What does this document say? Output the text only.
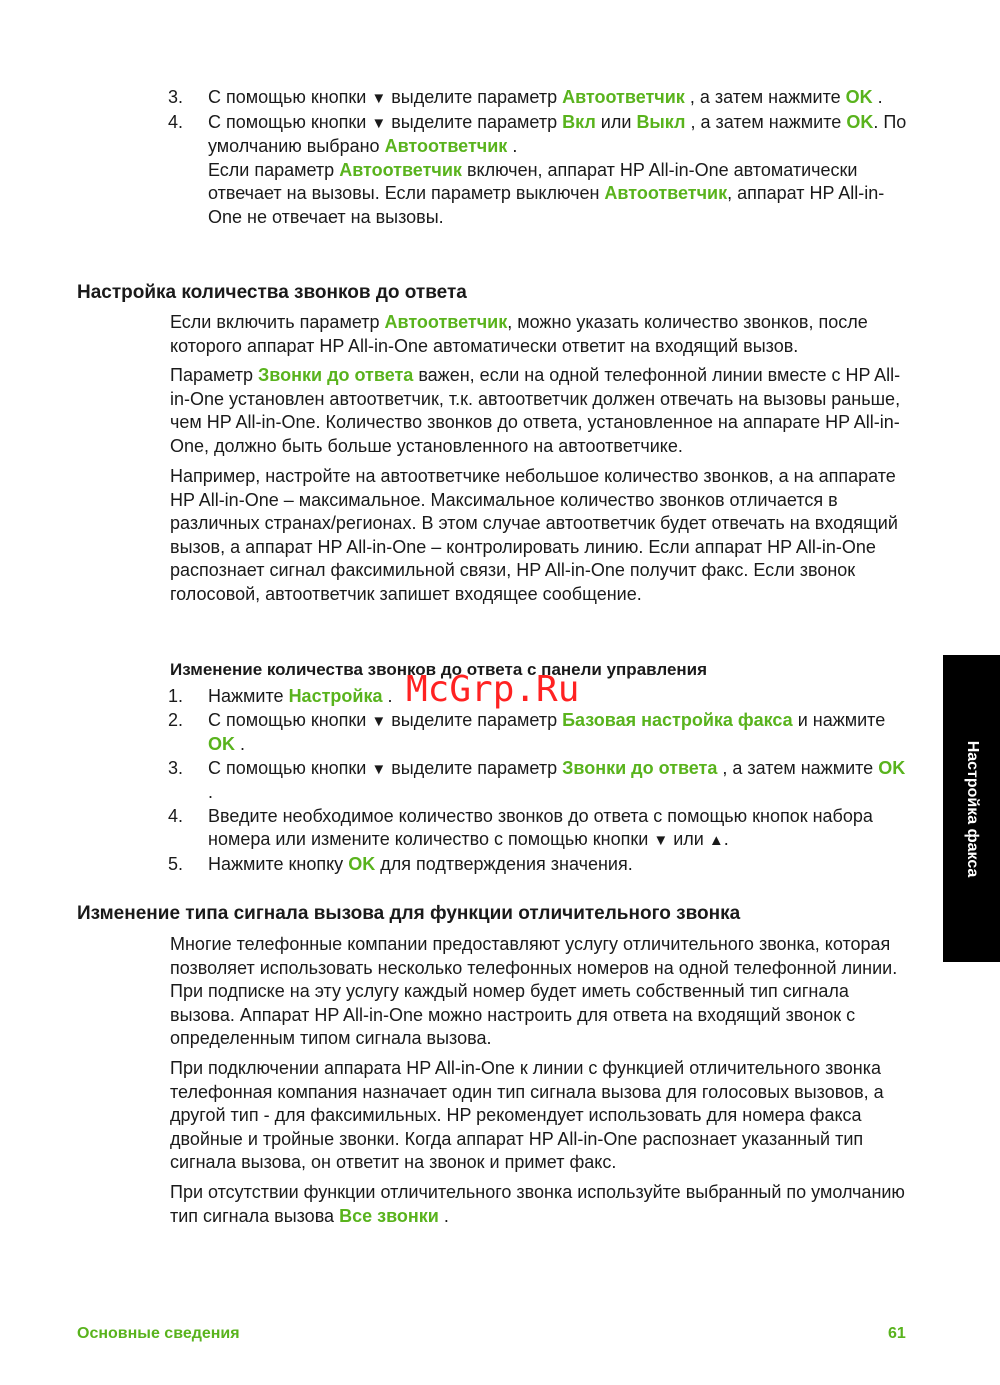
3. С помощью кнопки ▼ выделите параметр Автоответчик , а затем нажмите OK .
4. С помощью кнопки ▼ выделите параметр Вкл или Выкл , а затем нажмите OK. По умолчанию выбрано Автоответчик .
Если параметр Автоответчик включен, аппарат HP All-in-One автоматически отвечает на вызовы. Если параметр выключен Автоответчик, аппарат HP All-in-One не отвечает на вызовы.
Настройка количества звонков до ответа

Если включить параметр Автоответчик, можно указать количество звонков, после которого аппарат HP All-in-One автоматически ответит на входящий вызов.

Параметр Звонки до ответа важен, если на одной телефонной линии вместе с HP All-in-One установлен автоответчик, т.к. автоответчик должен отвечать на вызовы раньше, чем HP All-in-One. Количество звонков до ответа, установленное на аппарате HP All-in-One, должно быть больше установленного на автоответчике.

Например, настройте на автоответчике небольшое количество звонков, а на аппарате HP All-in-One – максимальное. Максимальное количество звонков отличается в различных странах/регионах. В этом случае автоответчик будет отвечать на входящий вызов, а аппарат HP All-in-One – контролировать линию. Если аппарат HP All-in-One распознает сигнал факсимильной связи, HP All-in-One получит факс. Если звонок голосовой, автоответчик запишет входящее сообщение.

Изменение количества звонков до ответа с панели управления
1. Нажмите Настройка .
2. С помощью кнопки ▼ выделите параметр Базовая настройка факса и нажмите OK .
3. С помощью кнопки ▼ выделите параметр Звонки до ответа , а затем нажмите OK .
4. Введите необходимое количество звонков до ответа с помощью кнопок набора номера или измените количество с помощью кнопки ▼ или ▲.
5. Нажмите кнопку OK для подтверждения значения.
Изменение типа сигнала вызова для функции отличительного звонка

Многие телефонные компании предоставляют услугу отличительного звонка, которая позволяет использовать несколько телефонных номеров на одной телефонной линии. При подписке на эту услугу каждый номер будет иметь собственный тип сигнала вызова. Аппарат HP All-in-One можно настроить для ответа на входящий звонок с определенным типом сигнала вызова.

При подключении аппарата HP All-in-One к линии с функцией отличительного звонка телефонная компания назначает один тип сигнала вызова для голосовых вызовов, а другой тип - для факсимильных. HP рекомендует использовать для номера факса двойные и тройные звонки. Когда аппарат HP All-in-One распознает указанный тип сигнала вызова, он ответит на звонок и примет факс.

При отсутствии функции отличительного звонка используйте выбранный по умолчанию тип сигнала вызова Все звонки .

Настройка факса
McGrp.Ru
Основные сведения	61
